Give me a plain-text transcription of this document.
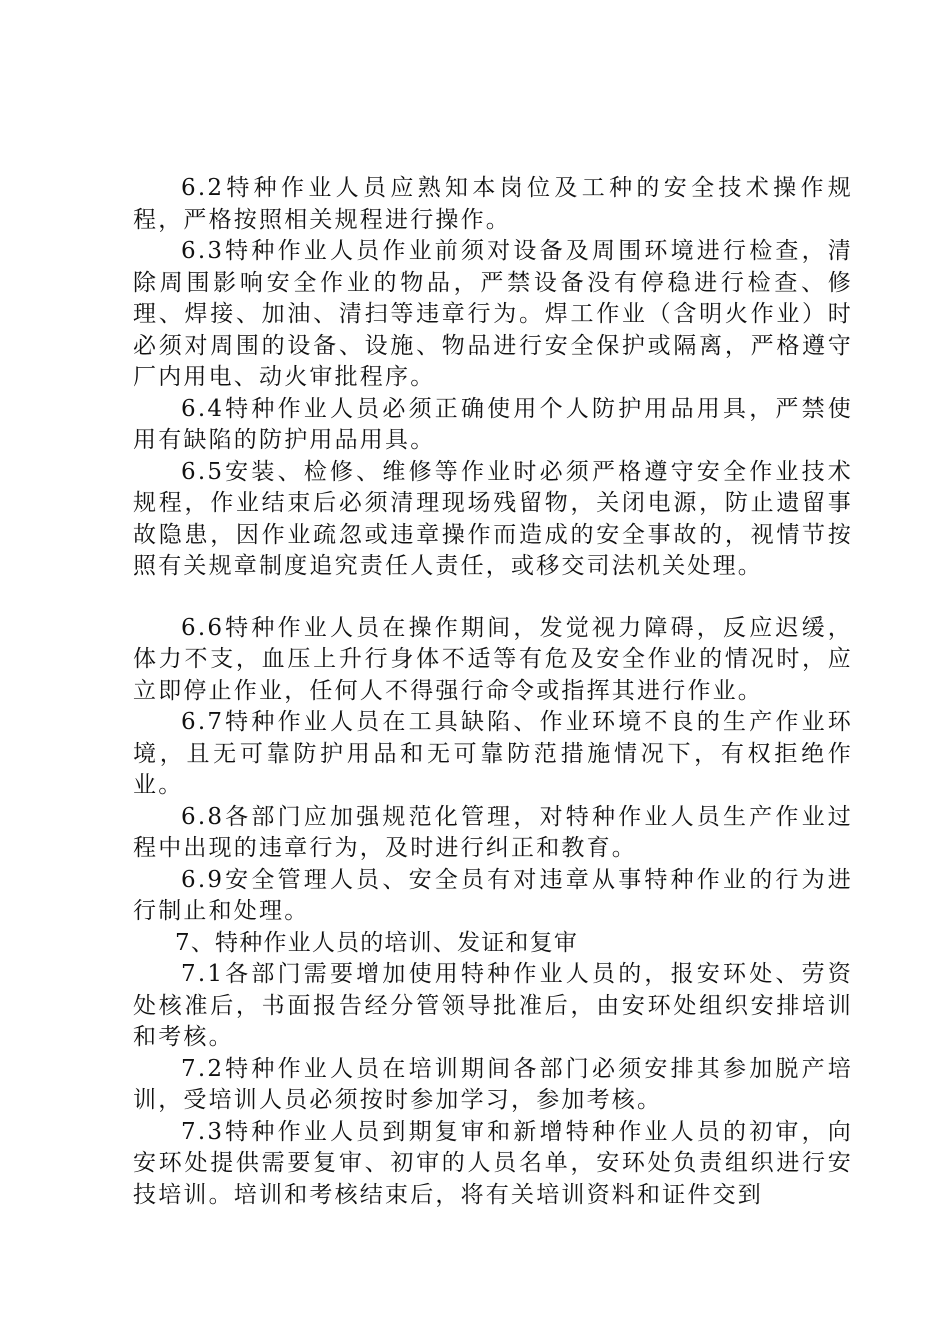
6.2特种作业人员应熟知本岗位及工种的安全技术操作规程，严格按照相关规程进行操作。

6.3特种作业人员作业前须对设备及周围环境进行检查，清除周围影响安全作业的物品，严禁设备没有停稳进行检查、修理、焊接、加油、清扫等违章行为。焊工作业（含明火作业）时必须对周围的设备、设施、物品进行安全保护或隔离，严格遵守厂内用电、动火审批程序。

6.4特种作业人员必须正确使用个人防护用品用具，严禁使用有缺陷的防护用品用具。

6.5安装、检修、维修等作业时必须严格遵守安全作业技术规程，作业结束后必须清理现场残留物，关闭电源，防止遗留事故隐患，因作业疏忽或违章操作而造成的安全事故的，视情节按照有关规章制度追究责任人责任，或移交司法机关处理。

6.6特种作业人员在操作期间，发觉视力障碍，反应迟缓，体力不支，血压上升行身体不适等有危及安全作业的情况时，应立即停止作业，任何人不得强行命令或指挥其进行作业。

6.7特种作业人员在工具缺陷、作业环境不良的生产作业环境，且无可靠防护用品和无可靠防范措施情况下，有权拒绝作业。

6.8各部门应加强规范化管理，对特种作业人员生产作业过程中出现的违章行为，及时进行纠正和教育。

6.9安全管理人员、安全员有对违章从事特种作业的行为进行制止和处理。

7、特种作业人员的培训、发证和复审

7.1各部门需要增加使用特种作业人员的，报安环处、劳资处核准后，书面报告经分管领导批准后，由安环处组织安排培训和考核。

7.2特种作业人员在培训期间各部门必须安排其参加脱产培训，受培训人员必须按时参加学习，参加考核。

7.3特种作业人员到期复审和新增特种作业人员的初审，向安环处提供需要复审、初审的人员名单，安环处负责组织进行安技培训。培训和考核结束后，将有关培训资料和证件交到
